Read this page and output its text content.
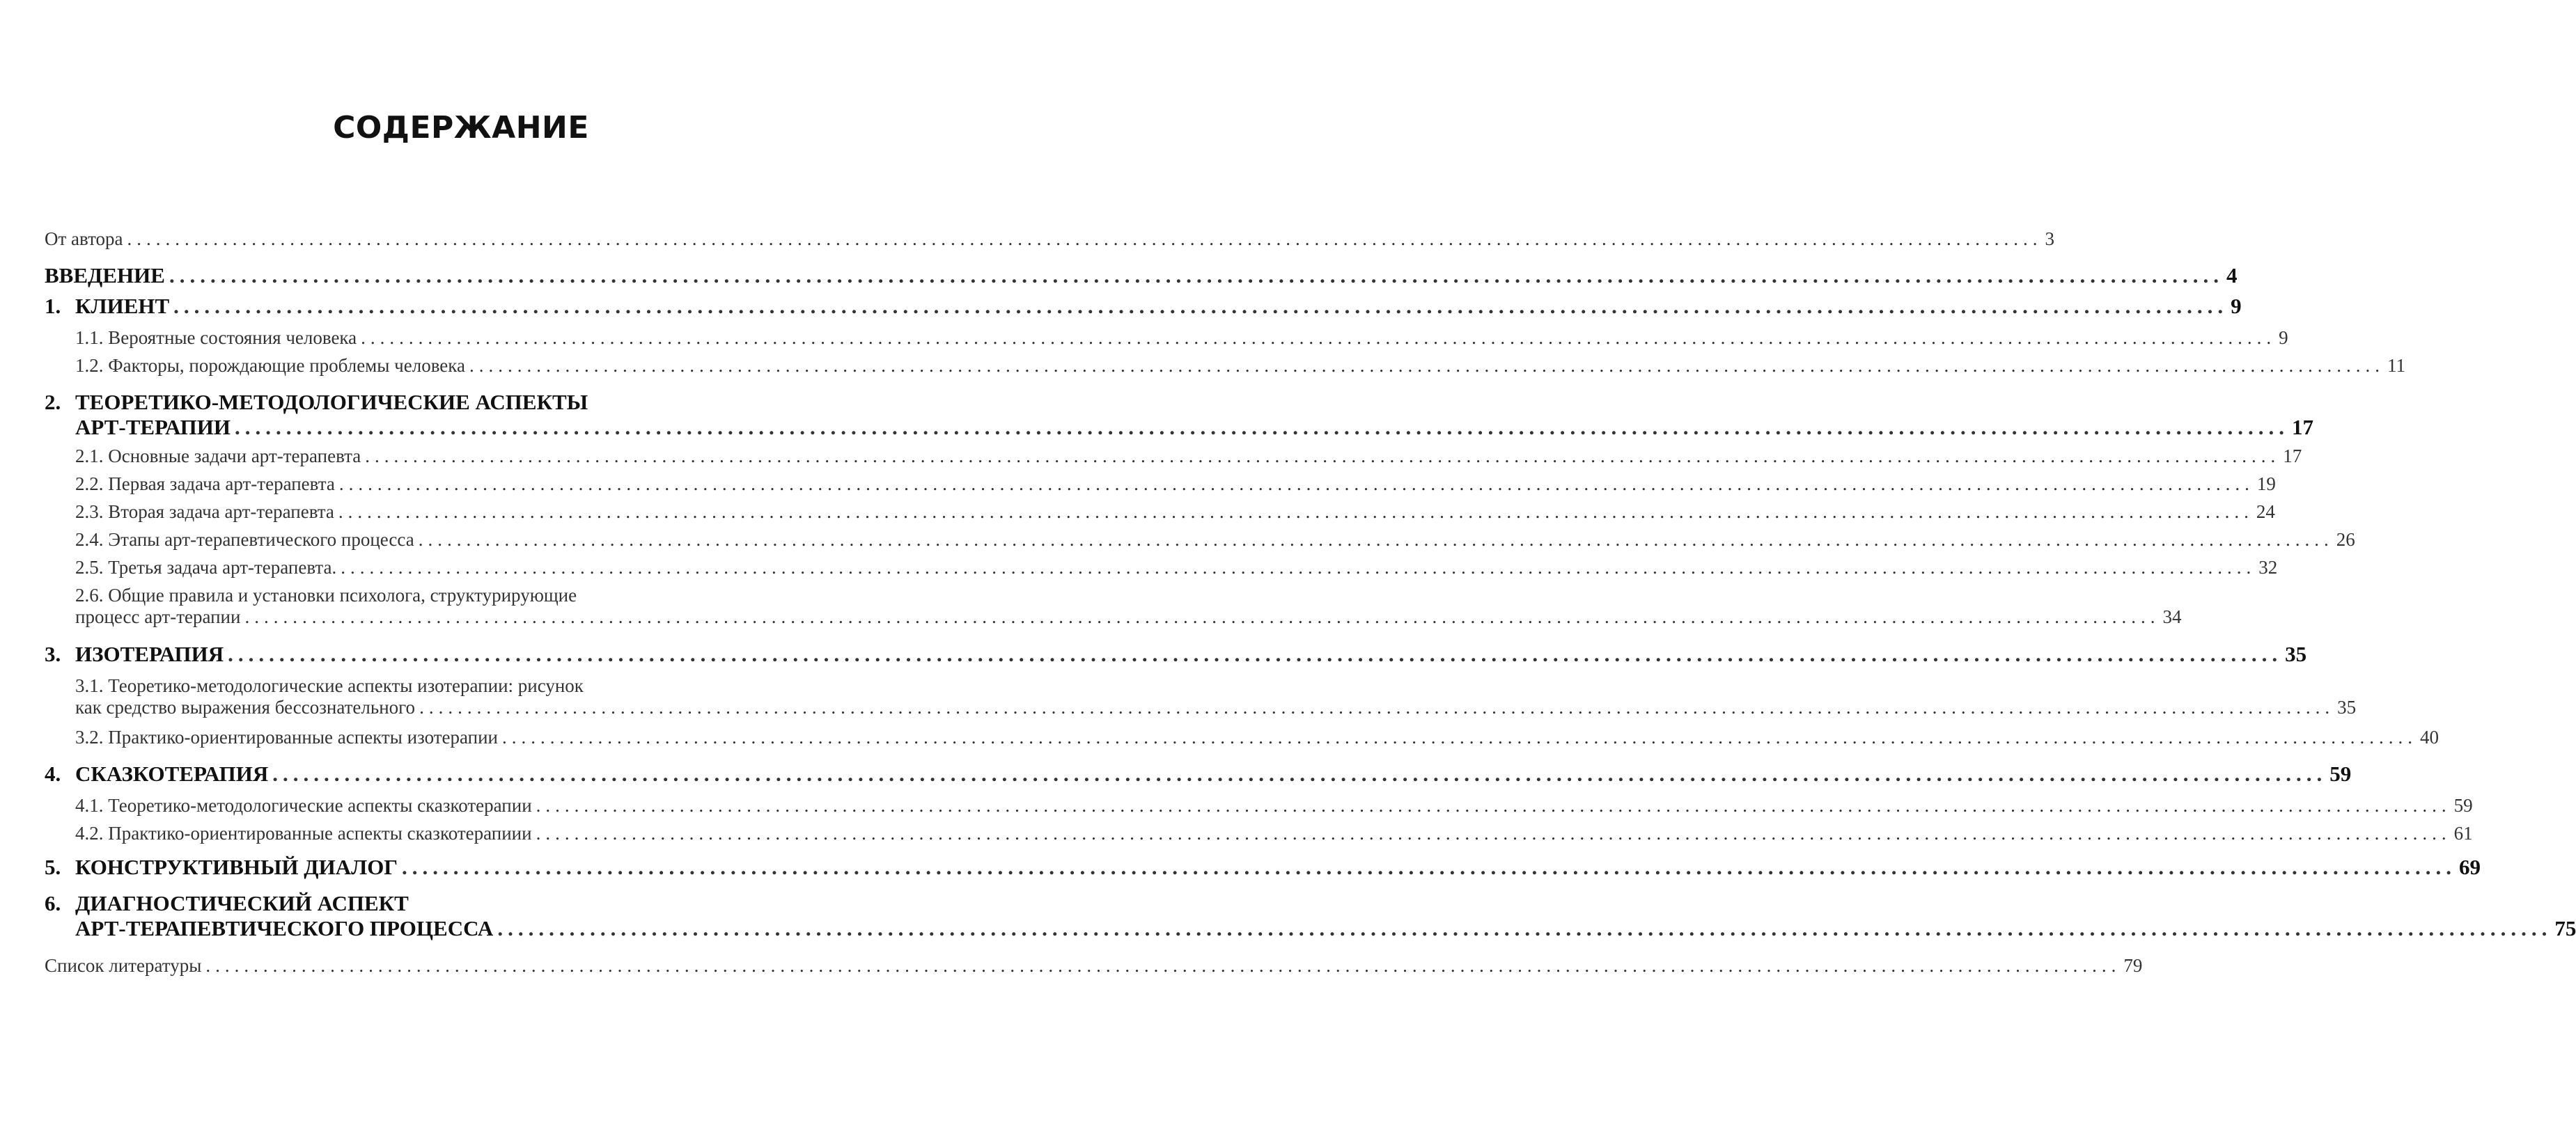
СОДЕРЖАНИЕ
От автора ........................................................................................................................................................................................................ 3
ВВЕДЕНИЕ ........................................................................................................................................................................................................ 4
1. КЛИЕНТ ........................................................................................................................................................................................................ 9
1.1. Вероятные состояния человека ........................................................................................................................................................................................................ 9
1.2. Факторы, порождающие проблемы человека ........................................................................................................................................................................................................ 11
2. ТЕОРЕТИКО-МЕТОДОЛОГИЧЕСКИЕ АСПЕКТЫ
АРТ-ТЕРАПИИ ........................................................................................................................................................................................................ 17
2.1. Основные задачи арт-терапевта ........................................................................................................................................................................................................ 17
2.2. Первая задача арт-терапевта ........................................................................................................................................................................................................ 19
2.3. Вторая задача арт-терапевта ........................................................................................................................................................................................................ 24
2.4. Этапы арт-терапевтического процесса ........................................................................................................................................................................................................ 26
2.5. Третья задача арт-терапевта. ........................................................................................................................................................................................................ 32
2.6. Общие правила и установки психолога, структурирующие
процесс арт-терапии ........................................................................................................................................................................................................ 34
3. ИЗОТЕРАПИЯ ........................................................................................................................................................................................................ 35
3.1. Теоретико-методологические аспекты изотерапии: рисунок
как средство выражения бессознательного ........................................................................................................................................................................................................ 35
3.2. Практико-ориентированные аспекты изотерапии ........................................................................................................................................................................................................ 40
4. СКАЗКОТЕРАПИЯ ........................................................................................................................................................................................................ 59
4.1. Теоретико-методологические аспекты сказкотерапии ........................................................................................................................................................................................................ 59
4.2. Практико-ориентированные аспекты сказкотерапиии ........................................................................................................................................................................................................ 61
5. КОНСТРУКТИВНЫЙ ДИАЛОГ ........................................................................................................................................................................................................ 69
6. ДИАГНОСТИЧЕСКИЙ АСПЕКТ
АРТ-ТЕРАПЕВТИЧЕСКОГО ПРОЦЕССА ........................................................................................................................................................................................................ 75
Список литературы ........................................................................................................................................................................................................ 79
